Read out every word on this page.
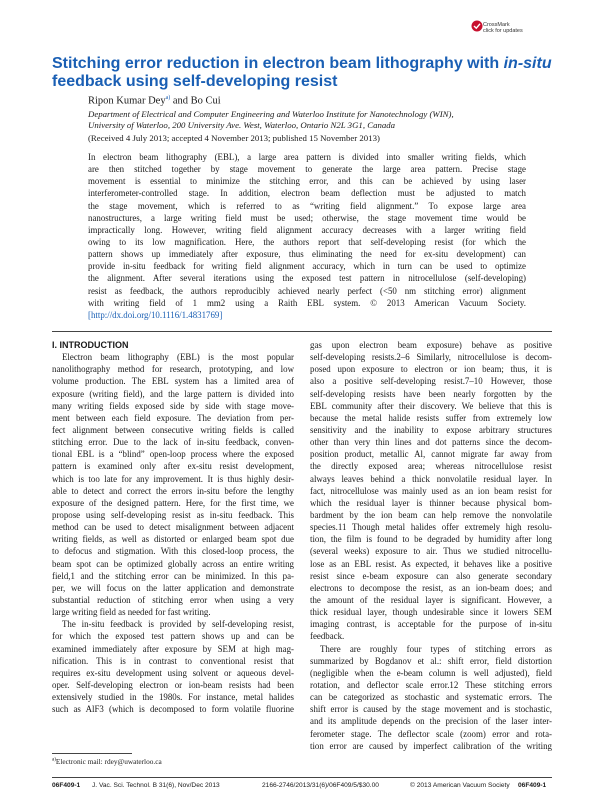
CrossMark
click for updates
Stitching error reduction in electron beam lithography with in-situ feedback using self-developing resist
Ripon Kumar Dey$^{a)}$ and Bo Cui
Department of Electrical and Computer Engineering and Waterloo Institute for Nanotechnology (WIN),
University of Waterloo, 200 University Ave. West, Waterloo, Ontario N2L 3G1, Canada
(Received 4 July 2013; accepted 4 November 2013; published 15 November 2013)
In electron beam lithography (EBL), a large area pattern is divided into smaller writing fields, which
are then stitched together by stage movement to generate the large area pattern. Precise stage
movement is essential to minimize the stitching error, and this can be achieved by using laser
interferometer-controlled stage. In addition, electron beam deflection must be adjusted to match
the stage movement, which is referred to as “writing field alignment.” To expose large area
nanostructures, a large writing field must be used; otherwise, the stage movement time would be
impractically long. However, writing field alignment accuracy decreases with a larger writing field
owing to its low magnification. Here, the authors report that self-developing resist (for which the
pattern shows up immediately after exposure, thus eliminating the need for ex-situ development) can
provide in-situ feedback for writing field alignment accuracy, which in turn can be used to optimize
the alignment. After several iterations using the exposed test pattern in nitrocellulose (self-developing)
resist as feedback, the authors reproducibly achieved nearly perfect (<50 nm stitching error) alignment
with writing field of 1 mm2 using a Raith EBL system. © 2013 American Vacuum Society.
[http://dx.doi.org/10.1116/1.4831769]
I. INTRODUCTION
Electron beam lithography (EBL) is the most popular
nanolithography method for research, prototyping, and low
volume production. The EBL system has a limited area of
exposure (writing field), and the large pattern is divided into
many writing fields exposed side by side with stage move-
ment between each field exposure. The deviation from per-
fect alignment between consecutive writing fields is called
stitching error. Due to the lack of in-situ feedback, conven-
tional EBL is a “blind” open-loop process where the exposed
pattern is examined only after ex-situ resist development,
which is too late for any improvement. It is thus highly desir-
able to detect and correct the errors in-situ before the lengthy
exposure of the designed pattern. Here, for the first time, we
propose using self-developing resist as in-situ feedback. This
method can be used to detect misalignment between adjacent
writing fields, as well as distorted or enlarged beam spot due
to defocus and stigmation. With this closed-loop process, the
beam spot can be optimized globally across an entire writing
field,1 and the stitching error can be minimized. In this pa-
per, we will focus on the latter application and demonstrate
substantial reduction of stitching error when using a very
large writing field as needed for fast writing.
The in-situ feedback is provided by self-developing resist,
for which the exposed test pattern shows up and can be
examined immediately after exposure by SEM at high mag-
nification. This is in contrast to conventional resist that
requires ex-situ development using solvent or aqueous devel-
oper. Self-developing electron or ion-beam resists had been
extensively studied in the 1980s. For instance, metal halides
such as AlF3 (which is decomposed to form volatile fluorine
gas upon electron beam exposure) behave as positive
self-developing resists.2–6 Similarly, nitrocellulose is decom-
posed upon exposure to electron or ion beam; thus, it is
also a positive self-developing resist.7–10 However, those
self-developing resists have been nearly forgotten by the
EBL community after their discovery. We believe that this is
because the metal halide resists suffer from extremely low
sensitivity and the inability to expose arbitrary structures
other than very thin lines and dot patterns since the decom-
position product, metallic Al, cannot migrate far away from
the directly exposed area; whereas nitrocellulose resist
always leaves behind a thick nonvolatile residual layer. In
fact, nitrocellulose was mainly used as an ion beam resist for
which the residual layer is thinner because physical bom-
bardment by the ion beam can help remove the nonvolatile
species.11 Though metal halides offer extremely high resolu-
tion, the film is found to be degraded by humidity after long
(several weeks) exposure to air. Thus we studied nitrocellu-
lose as an EBL resist. As expected, it behaves like a positive
resist since e-beam exposure can also generate secondary
electrons to decompose the resist, as an ion-beam does; and
the amount of the residual layer is significant. However, a
thick residual layer, though undesirable since it lowers SEM
imaging contrast, is acceptable for the purpose of in-situ
feedback.
There are roughly four types of stitching errors as
summarized by Bogdanov et al.: shift error, field distortion
(negligible when the e-beam column is well adjusted), field
rotation, and deflector scale error.12 These stitching errors
can be categorized as stochastic and systematic errors. The
shift error is caused by the stage movement and is stochastic,
and its amplitude depends on the precision of the laser inter-
ferometer stage. The deflector scale (zoom) error and rota-
tion error are caused by imperfect calibration of the writing
$^{a)}$Electronic mail: rdey@uwaterloo.ca
06F409-1 J. Vac. Sci. Technol. B 31(6), Nov/Dec 2013	2166-2746/2013/31(6)/06F409/5/$30.00	© 2013 American Vacuum Society 06F409-1
